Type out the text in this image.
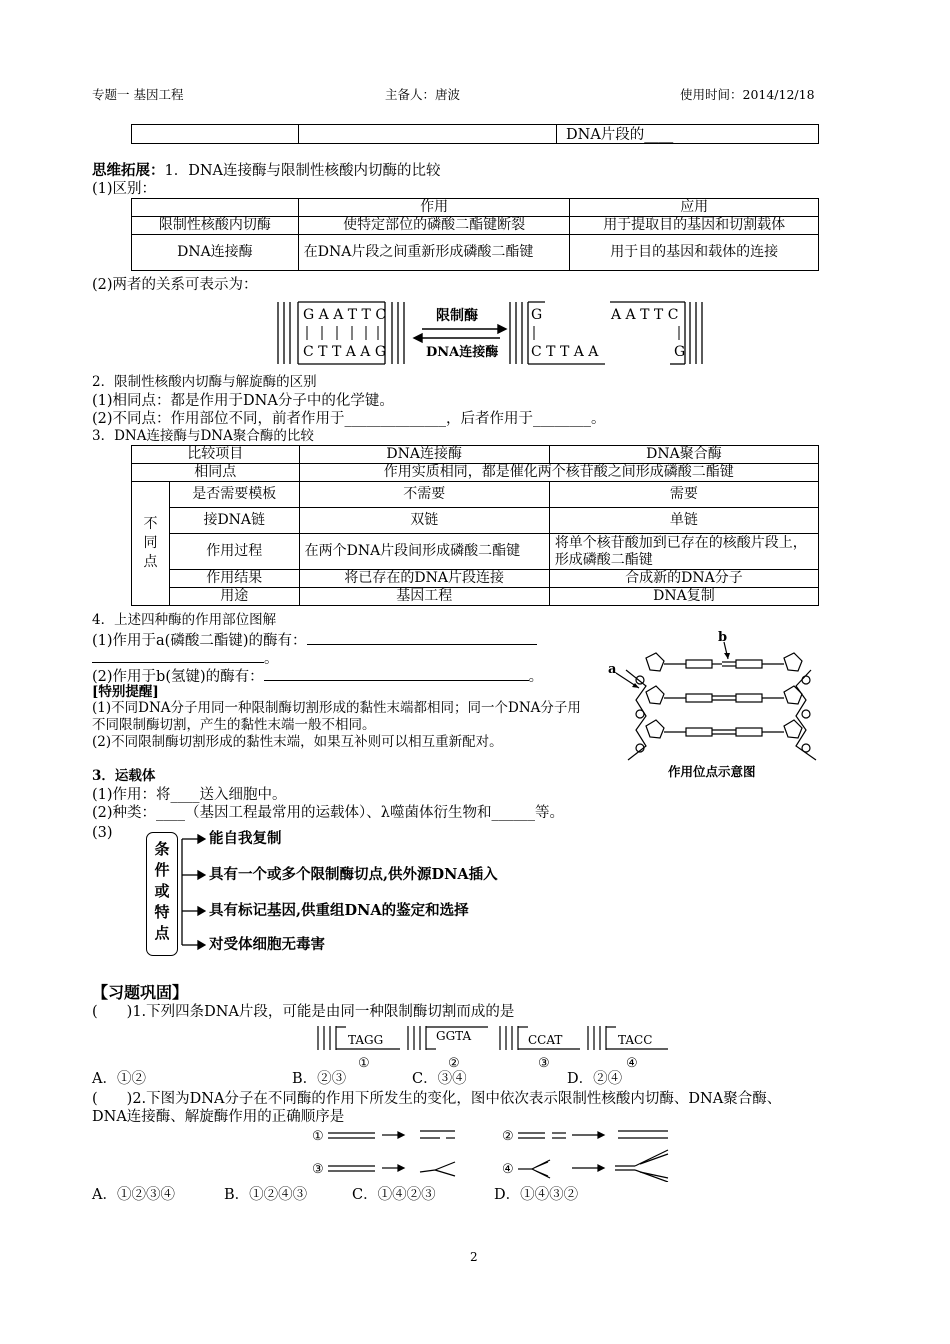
专题一 基因工程	主备人：唐波	使用时间：2014/12/18
DNA片段的____
思维拓展：1．DNA连接酶与限制性核酸内切酶的比较
(1)区别：
	作用	应用
限制性核酸内切酶	使特定部位的磷酸二酯键断裂	用于提取目的基因和切割载体
DNA连接酶	在DNA片段之间重新形成磷酸二酯键	用于目的基因和载体的连接
(2)两者的关系可表示为：
G A A T T C
C T T A A G
限制酶
DNA连接酶
G
C T T A A
A A T T C
G
2．限制性核酸内切酶与解旋酶的区别
(1)相同点：都是作用于DNA分子中的化学键。
(2)不同点：作用部位不同，前者作用于______________，后者作用于________。
3．DNA连接酶与DNA聚合酶的比较
比较项目		DNA连接酶	DNA聚合酶
相同点		作用实质相同，都是催化两个核苷酸之间形成磷酸二酯键	

不同点	是否需要模板	不需要	需要
	接DNA链	双链	单链
	作用过程	在两个DNA片段间形成磷酸二酯键	将单个核苷酸加到已存在的核酸片段上，形成磷酸二酯键
	作用结果	将已存在的DNA片段连接	合成新的DNA分子
	用途	基因工程	DNA复制
4．上述四种酶的作用部位图解
(1)作用于a(磷酸二酯键)的酶有：
。
(2)作用于b(氢键)的酶有：	。
[特别提醒]
(1)不同DNA分子用同一种限制酶切割形成的黏性末端都相同；同一个DNA分子用不同限制酶切割，产生的黏性末端一般不相同。
(2)不同限制酶切割形成的黏性末端，如果互补则可以相互重新配对。
a
b
作用位点示意图
3．运载体
(1)作用：将____送入细胞中。
(2)种类：____（基因工程最常用的运载体）、λ噬菌体衍生物和______等。
(3)
条件或特点
能自我复制
具有一个或多个限制酶切点,供外源DNA插入
具有标记基因,供重组DNA的鉴定和选择
对受体细胞无毒害
【习题巩固】
(　　)1.下列四条DNA片段，可能是由同一种限制酶切割而成的是
TAGG	GGTA	CCAT	TACC
①	②	③	④
A．①②	B．②③	C．③④	D．②④
(　　)2.下图为DNA分子在不同酶的作用下所发生的变化，图中依次表示限制性核酸内切酶、DNA聚合酶、
DNA连接酶、解旋酶作用的正确顺序是
①	②
③	④
A．①②③④	B．①②④③	C．①④②③	D．①④③②
2
